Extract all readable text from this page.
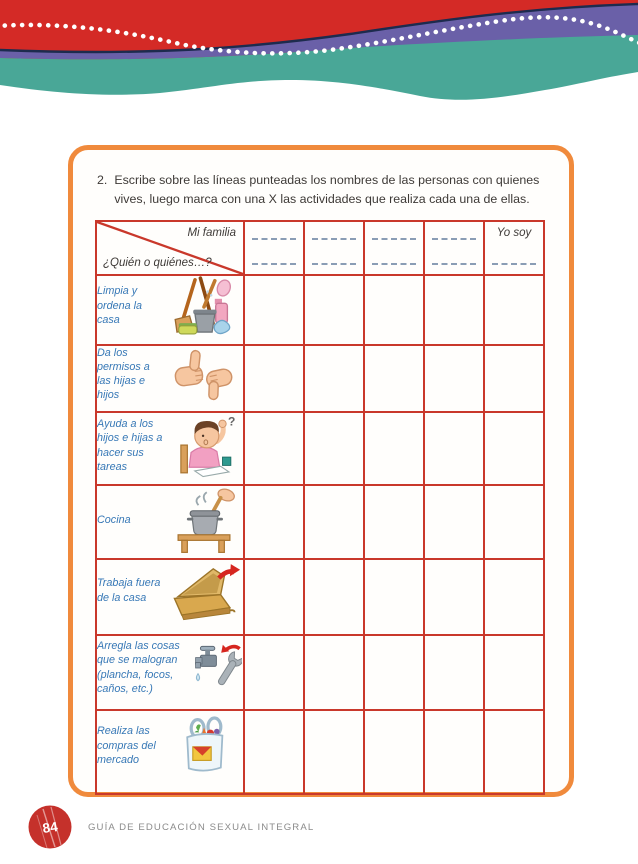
2. Escribe sobre las líneas punteadas los nombres de las personas con quienes vives, luego marca con una X las actividades que realiza cada una de ellas.
Mi familia
¿Quién o quiénes…?					Yo soy

Limpia y ordena la casa					

Da los permisos a las hijas e hijos					

Ayuda a los hijos e hijas a hacer sus tareas
?					

Cocina					

Trabaja fuera de la casa					

Arregla las cosas que se malogran (plancha, focos, caños, etc.)					

Realiza las compras del mercado					

84	GUÍA DE EDUCACIÓN SEXUAL INTEGRAL
